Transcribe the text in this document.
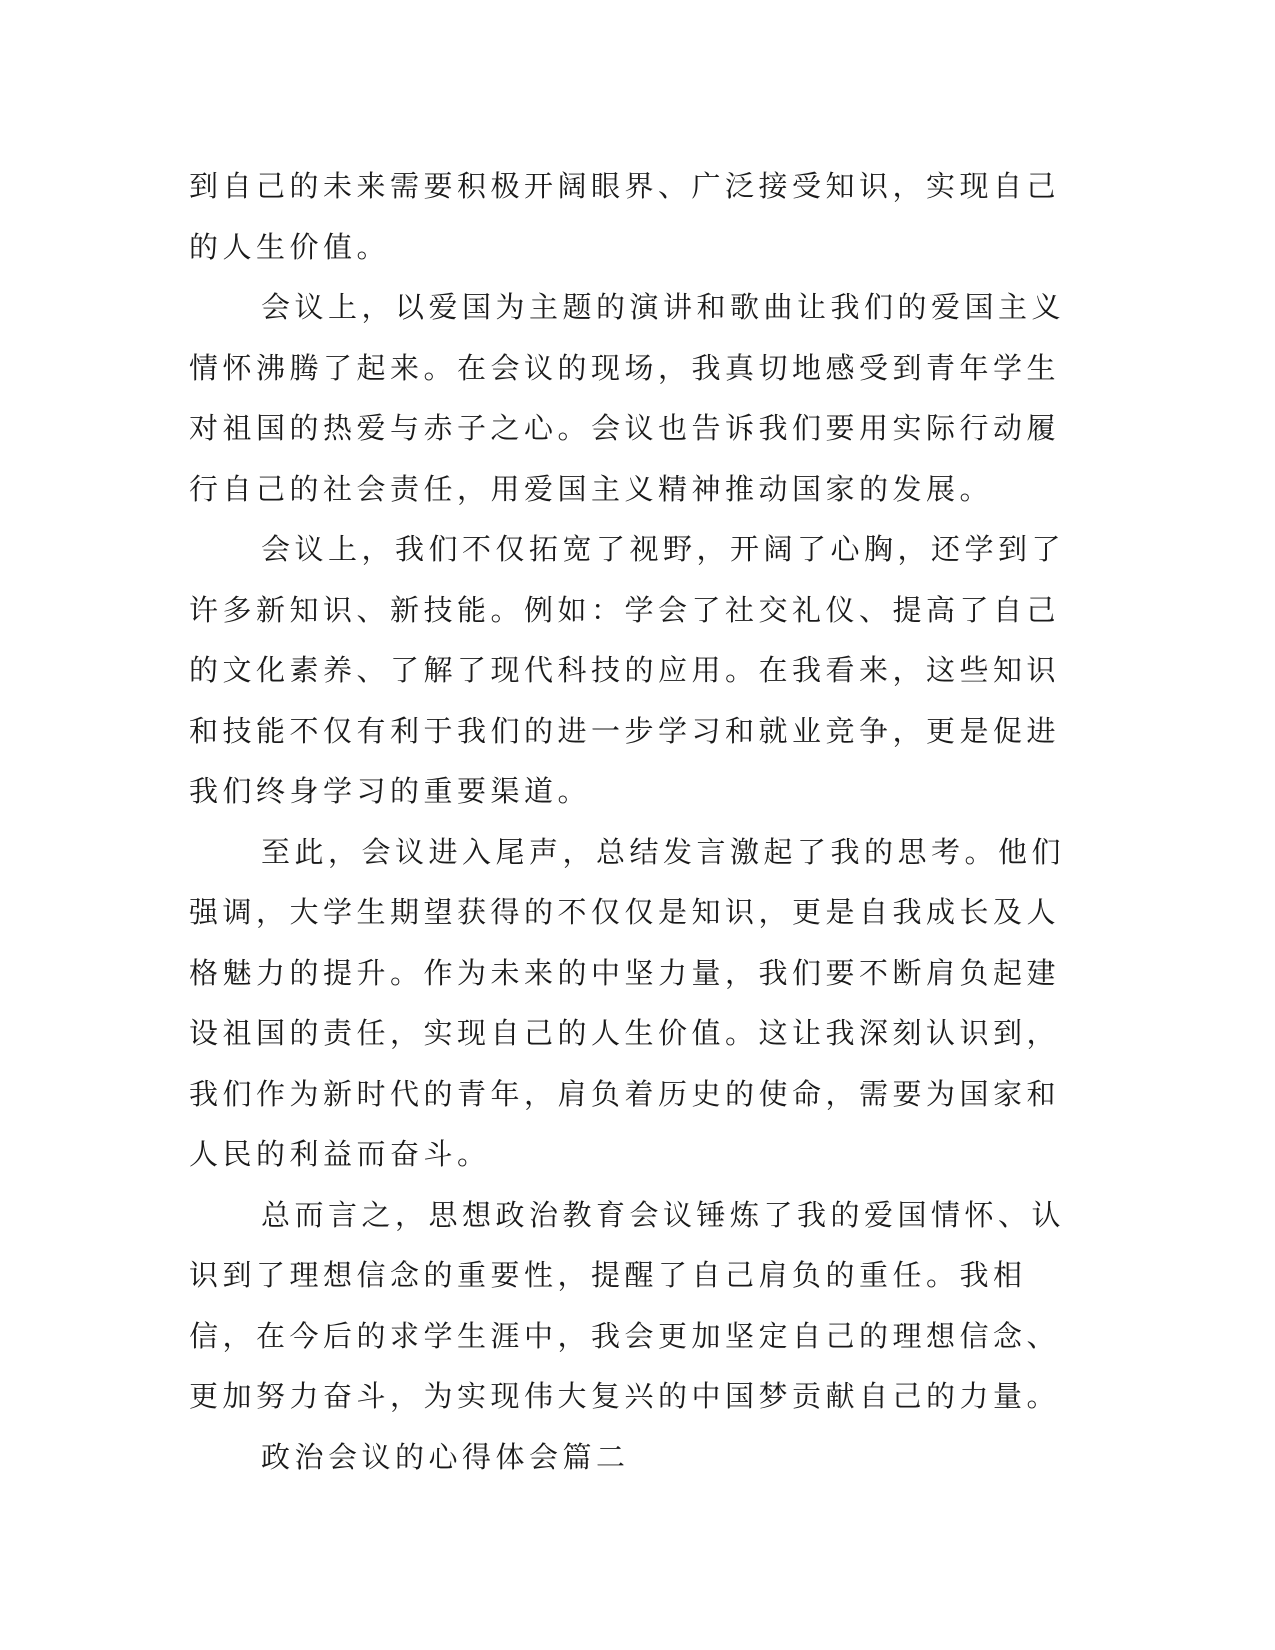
到自己的未来需要积极开阔眼界、广泛接受知识，实现自己的人生价值。

会议上，以爱国为主题的演讲和歌曲让我们的爱国主义情怀沸腾了起来。在会议的现场，我真切地感受到青年学生对祖国的热爱与赤子之心。会议也告诉我们要用实际行动履行自己的社会责任，用爱国主义精神推动国家的发展。

会议上，我们不仅拓宽了视野，开阔了心胸，还学到了许多新知识、新技能。例如：学会了社交礼仪、提高了自己的文化素养、了解了现代科技的应用。在我看来，这些知识和技能不仅有利于我们的进一步学习和就业竞争，更是促进我们终身学习的重要渠道。

至此，会议进入尾声，总结发言激起了我的思考。他们强调，大学生期望获得的不仅仅是知识，更是自我成长及人格魅力的提升。作为未来的中坚力量，我们要不断肩负起建设祖国的责任，实现自己的人生价值。这让我深刻认识到，我们作为新时代的青年，肩负着历史的使命，需要为国家和人民的利益而奋斗。

总而言之，思想政治教育会议锤炼了我的爱国情怀、认识到了理想信念的重要性，提醒了自己肩负的重任。我相信，在今后的求学生涯中，我会更加坚定自己的理想信念、更加努力奋斗，为实现伟大复兴的中国梦贡献自己的力量。

政治会议的心得体会篇二
